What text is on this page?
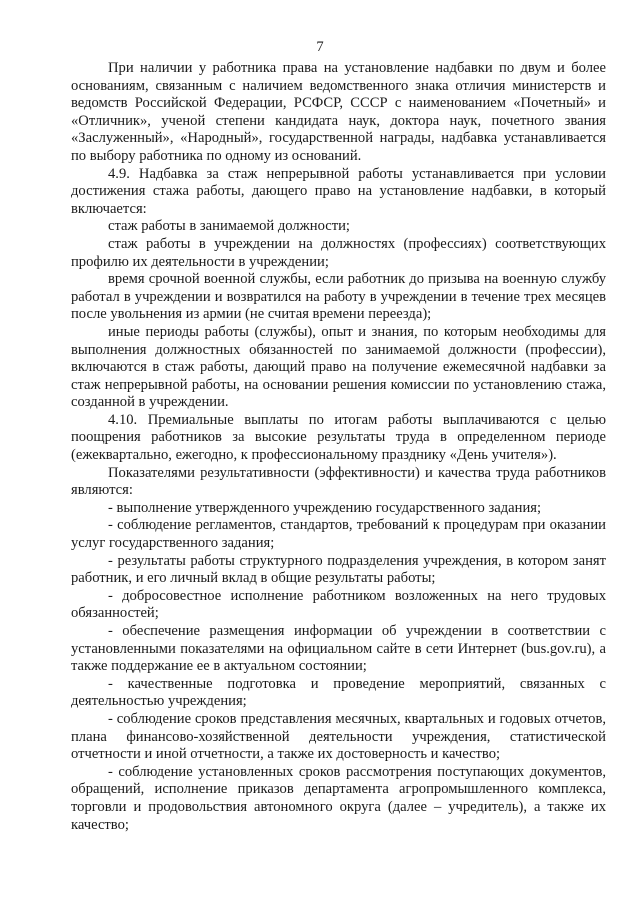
7

При наличии у работника права на установление надбавки по двум и более основаниям, связанным с наличием ведомственного знака отличия министерств и ведомств Российской Федерации, РСФСР, СССР с наименованием «Почетный» и «Отличник», ученой степени кандидата наук, доктора наук, почетного звания «Заслуженный», «Народный», государственной награды, надбавка устанавливается по выбору работника по одному из оснований.

4.9. Надбавка за стаж непрерывной работы устанавливается при условии достижения стажа работы, дающего право на установление надбавки, в который включается:

стаж работы в занимаемой должности;

стаж работы в учреждении на должностях (профессиях) соответствующих профилю их деятельности в учреждении;

время срочной военной службы, если работник до призыва на военную службу работал в учреждении и возвратился на работу в учреждении в течение трех месяцев после увольнения из армии (не считая времени переезда);

иные периоды работы (службы), опыт и знания, по которым необходимы для выполнения должностных обязанностей по занимаемой должности (профессии), включаются в стаж работы, дающий право на получение ежемесячной надбавки за стаж непрерывной работы, на основании решения комиссии по установлению стажа, созданной в учреждении.

4.10. Премиальные выплаты по итогам работы выплачиваются с целью поощрения работников за высокие результаты труда в определенном периоде (ежеквартально, ежегодно, к профессиональному празднику «День учителя»).

Показателями результативности (эффективности) и качества труда работников являются:

- выполнение утвержденного учреждению государственного задания;

- соблюдение регламентов, стандартов, требований к процедурам при оказании услуг государственного задания;

- результаты работы структурного подразделения учреждения, в котором занят работник, и его личный вклад в общие результаты работы;

- добросовестное исполнение работником возложенных на него трудовых обязанностей;

- обеспечение размещения информации об учреждении в соответствии с установленными показателями на официальном сайте в сети Интернет (bus.gov.ru), а также поддержание ее в актуальном состоянии;

- качественные подготовка и проведение мероприятий, связанных с деятельностью учреждения;

- соблюдение сроков представления месячных, квартальных и годовых отчетов, плана финансово-хозяйственной деятельности учреждения, статистической отчетности и иной отчетности, а также их достоверность и качество;

- соблюдение установленных сроков рассмотрения поступающих документов, обращений, исполнение приказов департамента агропромышленного комплекса, торговли и продовольствия автономного округа (далее – учредитель), а также их качество;
